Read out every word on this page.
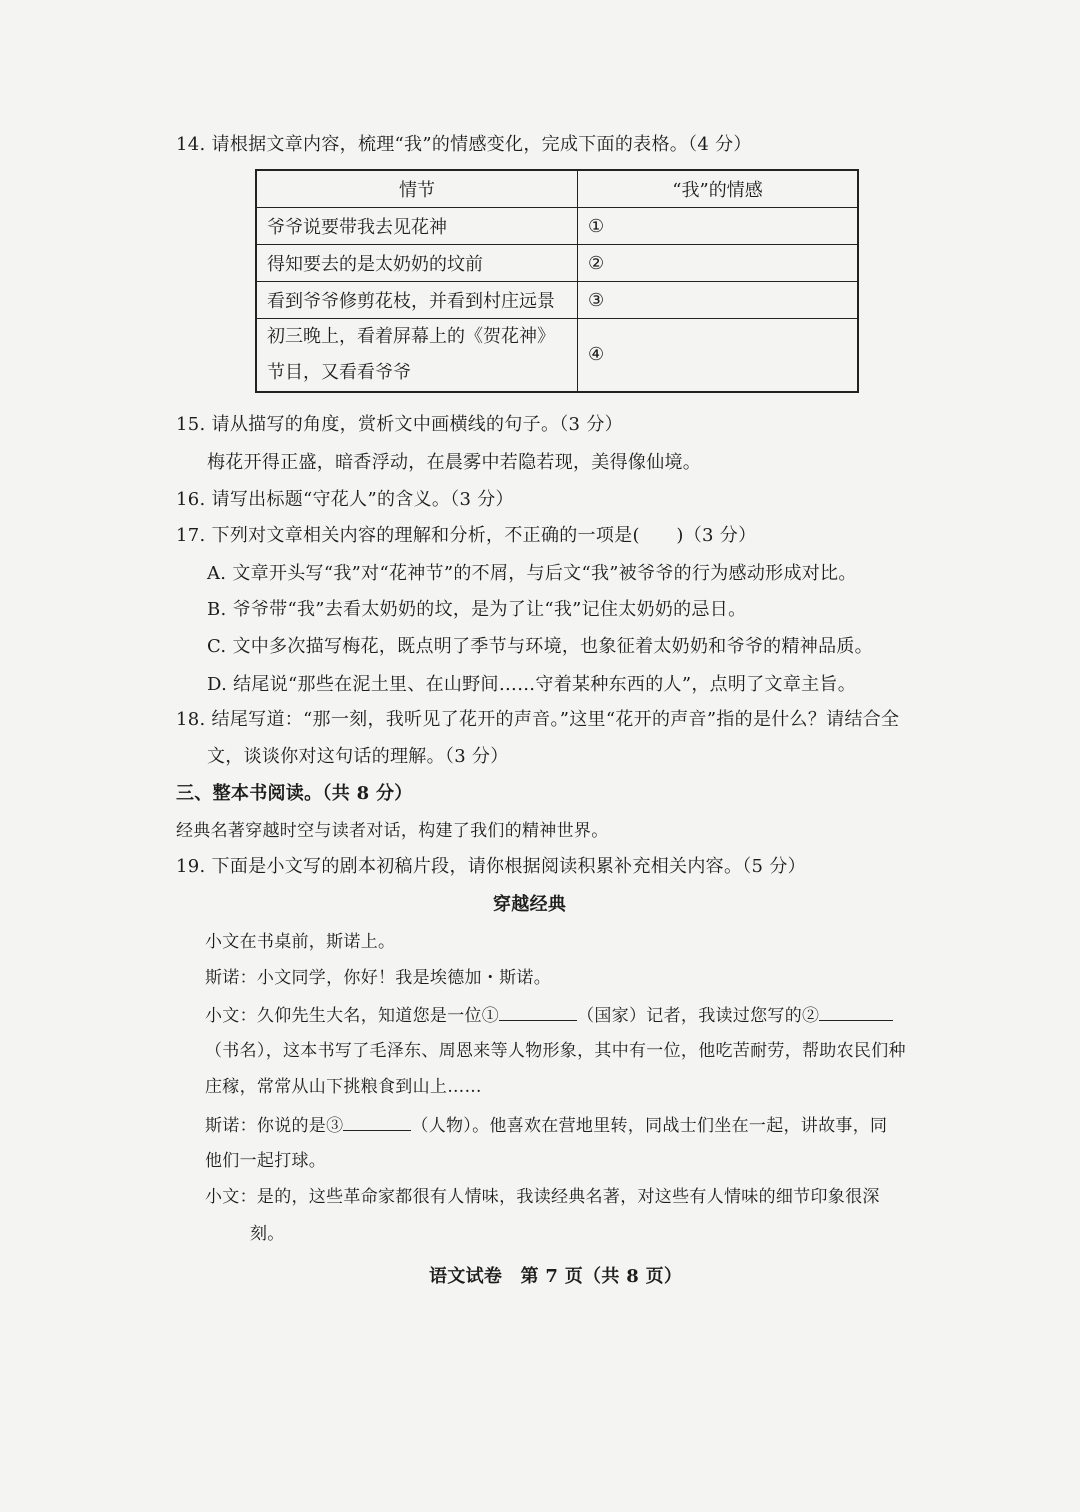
14. 请根据文章内容，梳理“我”的情感变化，完成下面的表格。（4 分）
情节	“我”的情感
爷爷说要带我去见花神	①
得知要去的是太奶奶的坟前	②
看到爷爷修剪花枝，并看到村庄远景	③
初三晚上，看着屏幕上的《贺花神》节目，又看看爷爷	④
15. 请从描写的角度，赏析文中画横线的句子。（3 分）
梅花开得正盛，暗香浮动，在晨雾中若隐若现，美得像仙境。
16. 请写出标题“守花人”的含义。（3 分）
17. 下列对文章相关内容的理解和分析，不正确的一项是(　　)（3 分）
A. 文章开头写“我”对“花神节”的不屑，与后文“我”被爷爷的行为感动形成对比。
B. 爷爷带“我”去看太奶奶的坟，是为了让“我”记住太奶奶的忌日。
C. 文中多次描写梅花，既点明了季节与环境，也象征着太奶奶和爷爷的精神品质。
D. 结尾说“那些在泥土里、在山野间……守着某种东西的人”，点明了文章主旨。
18. 结尾写道：“那一刻，我听见了花开的声音。”这里“花开的声音”指的是什么？请结合全
文，谈谈你对这句话的理解。（3 分）
三、整本书阅读。（共 8 分）
经典名著穿越时空与读者对话，构建了我们的精神世界。
19. 下面是小文写的剧本初稿片段，请你根据阅读积累补充相关内容。（5 分）
穿越经典
小文在书桌前，斯诺上。
斯诺：小文同学，你好！我是埃德加・斯诺。
小文：久仰先生大名，知道您是一位①	（国家）记者，我读过您写的②
（书名），这本书写了毛泽东、周恩来等人物形象，其中有一位，他吃苦耐劳，帮助农民们种
庄稼，常常从山下挑粮食到山上……
斯诺：你说的是③	（人物）。他喜欢在营地里转，同战士们坐在一起，讲故事，同
他们一起打球。
小文：是的，这些革命家都很有人情味，我读经典名著，对这些有人情味的细节印象很深
刻。
语文试卷　第 7 页（共 8 页）
